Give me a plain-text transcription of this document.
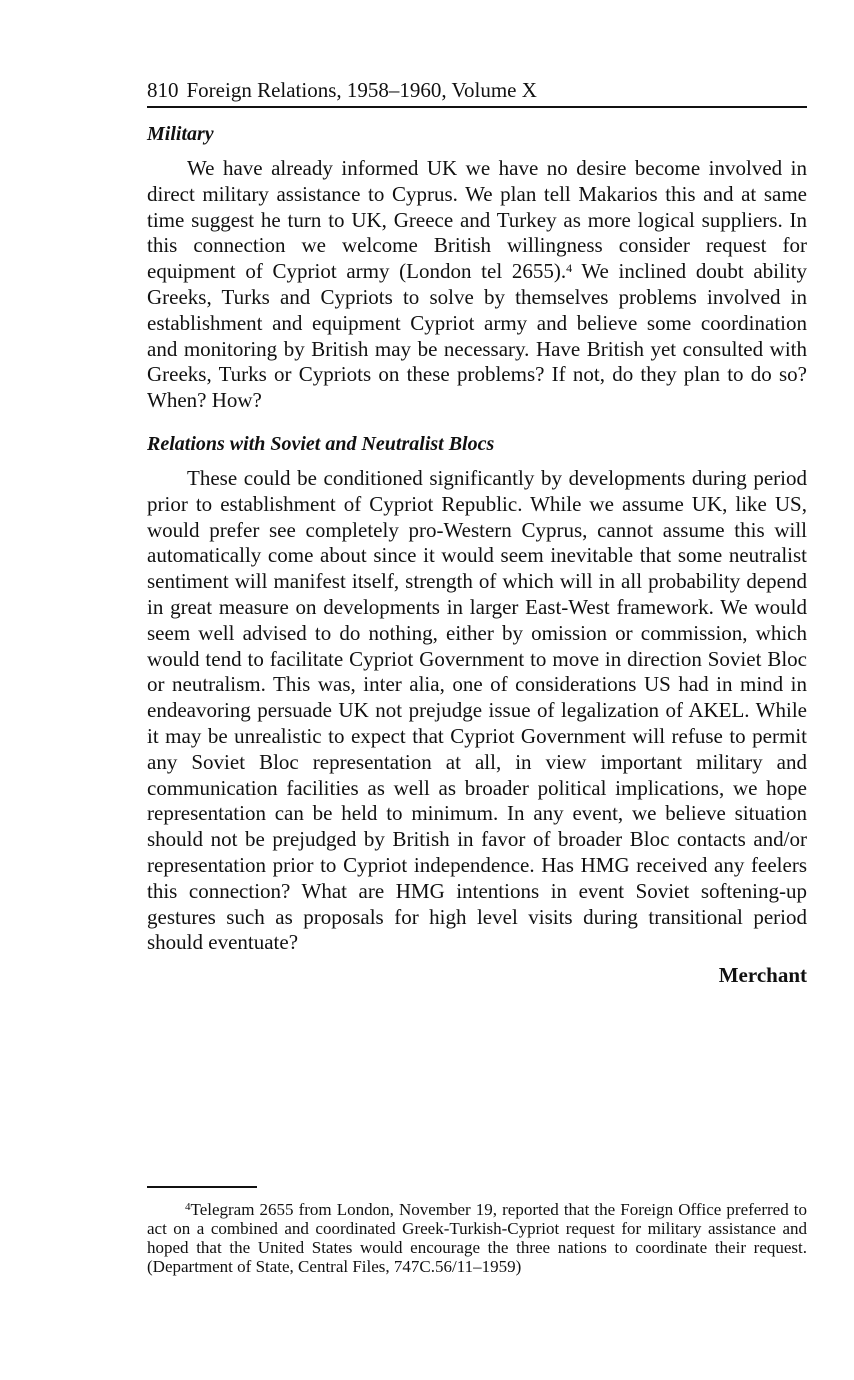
810 Foreign Relations, 1958–1960, Volume X
Military

We have already informed UK we have no desire become involved in direct military assistance to Cyprus. We plan tell Makarios this and at same time suggest he turn to UK, Greece and Turkey as more logical suppliers. In this connection we welcome British willingness consider request for equipment of Cypriot army (London tel 2655).$^4$ We inclined doubt ability Greeks, Turks and Cypriots to solve by themselves problems involved in establishment and equipment Cypriot army and believe some coordination and monitoring by British may be necessary. Have British yet consulted with Greeks, Turks or Cypriots on these problems? If not, do they plan to do so? When? How?

Relations with Soviet and Neutralist Blocs

These could be conditioned significantly by developments during period prior to establishment of Cypriot Republic. While we assume UK, like US, would prefer see completely pro-Western Cyprus, cannot assume this will automatically come about since it would seem inevitable that some neutralist sentiment will manifest itself, strength of which will in all probability depend in great measure on developments in larger East-West framework. We would seem well advised to do nothing, either by omission or commission, which would tend to facilitate Cypriot Government to move in direction Soviet Bloc or neutralism. This was, inter alia, one of considerations US had in mind in endeavoring persuade UK not prejudge issue of legalization of AKEL. While it may be unrealistic to expect that Cypriot Government will refuse to permit any Soviet Bloc representation at all, in view important military and communication facilities as well as broader political implications, we hope representation can be held to minimum. In any event, we believe situation should not be prejudged by British in favor of broader Bloc contacts and/or representation prior to Cypriot independence. Has HMG received any feelers this connection? What are HMG intentions in event Soviet softening-up gestures such as proposals for high level visits during transitional period should eventuate?

Merchant

$^4$Telegram 2655 from London, November 19, reported that the Foreign Office preferred to act on a combined and coordinated Greek-Turkish-Cypriot request for military assistance and hoped that the United States would encourage the three nations to coordinate their request. (Department of State, Central Files, 747C.56/11–1959)
